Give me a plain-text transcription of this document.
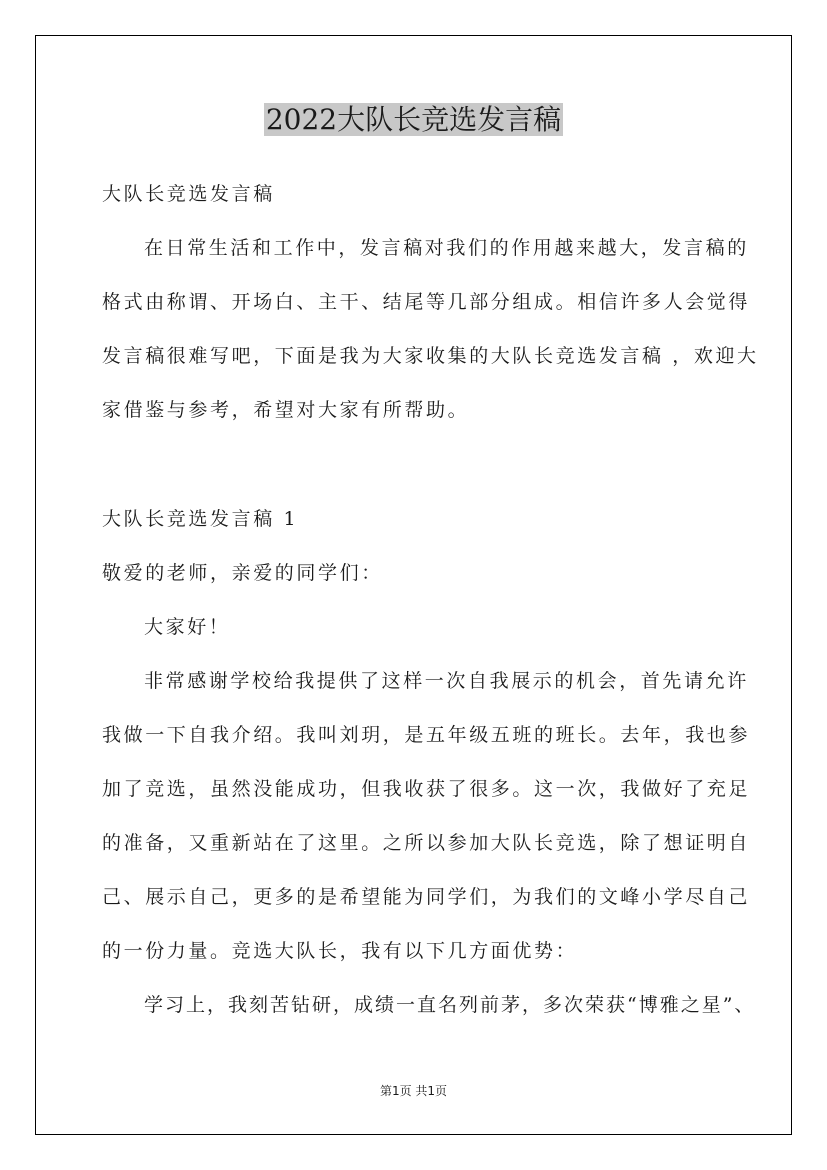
2022大队长竞选发言稿
大队长竞选发言稿
在日常生活和工作中，发言稿对我们的作用越来越大，发言稿的
格式由称谓、开场白、主干、结尾等几部分组成。相信许多人会觉得
发言稿很难写吧，下面是我为大家收集的大队长竞选发言稿 ，欢迎大
家借鉴与参考，希望对大家有所帮助。
大队长竞选发言稿 1
敬爱的老师，亲爱的同学们：
大家好！
非常感谢学校给我提供了这样一次自我展示的机会，首先请允许
我做一下自我介绍。我叫刘玥，是五年级五班的班长。去年，我也参
加了竞选，虽然没能成功，但我收获了很多。这一次，我做好了充足
的准备，又重新站在了这里。之所以参加大队长竞选，除了想证明自
己、展示自己，更多的是希望能为同学们，为我们的文峰小学尽自己
的一份力量。竞选大队长，我有以下几方面优势：
学习上，我刻苦钻研，成绩一直名列前茅，多次荣获“博雅之星”、
第1页 共1页
